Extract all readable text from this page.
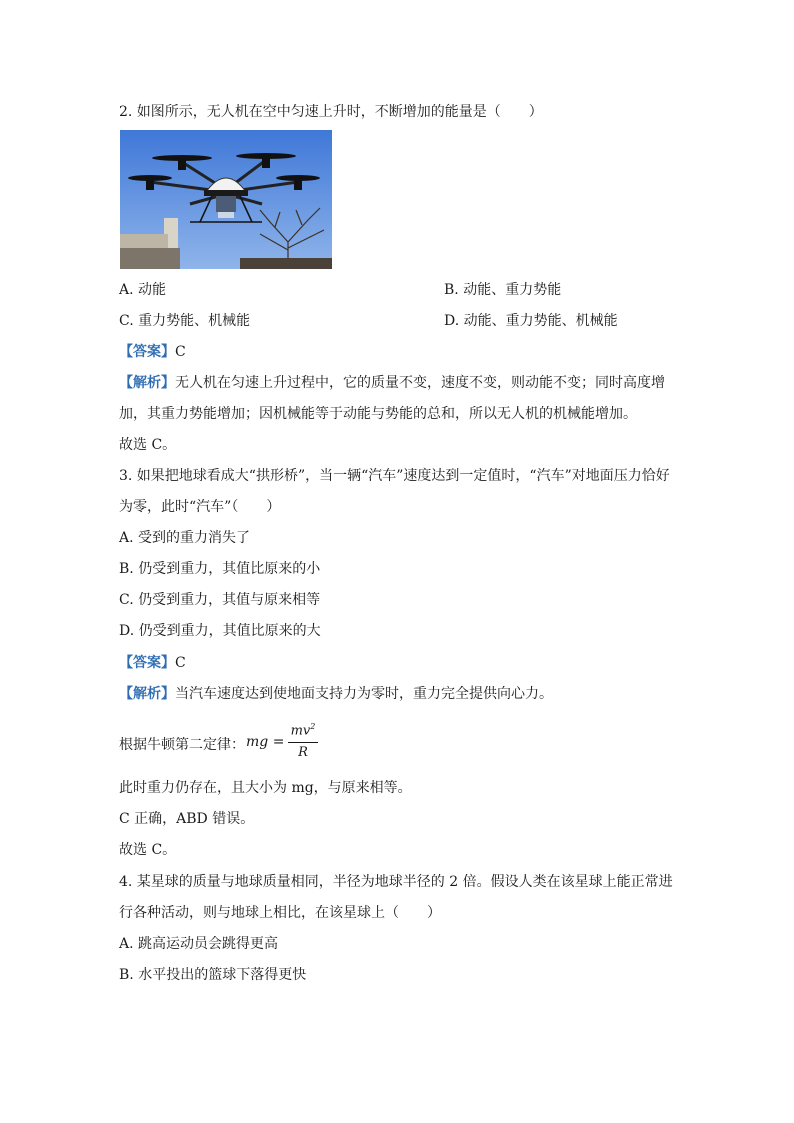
2. 如图所示，无人机在空中匀速上升时，不断增加的能量是（　　）
A. 动能	B. 动能、重力势能
C. 重力势能、机械能	D. 动能、重力势能、机械能
【答案】C
【解析】无人机在匀速上升过程中，它的质量不变，速度不变，则动能不变；同时高度增
加，其重力势能增加；因机械能等于动能与势能的总和，所以无人机的机械能增加。
故选 C。
3. 如果把地球看成大“拱形桥”，当一辆“汽车”速度达到一定值时，“汽车”对地面压力恰好
为零，此时“汽车”（　　）
A. 受到的重力消失了
B. 仍受到重力，其值比原来的小
C. 仍受到重力，其值与原来相等
D. 仍受到重力，其值比原来的大
【答案】C
【解析】当汽车速度达到使地面支持力为零时，重力完全提供向心力。
根据牛顿第二定律： mg =
$mv^2$
R
此时重力仍存在，且大小为 mg，与原来相等。
C 正确，ABD 错误。
故选 C。
4. 某星球的质量与地球质量相同，半径为地球半径的 2 倍。假设人类在该星球上能正常进
行各种活动，则与地球上相比，在该星球上（　　）
A. 跳高运动员会跳得更高
B. 水平投出的篮球下落得更快
